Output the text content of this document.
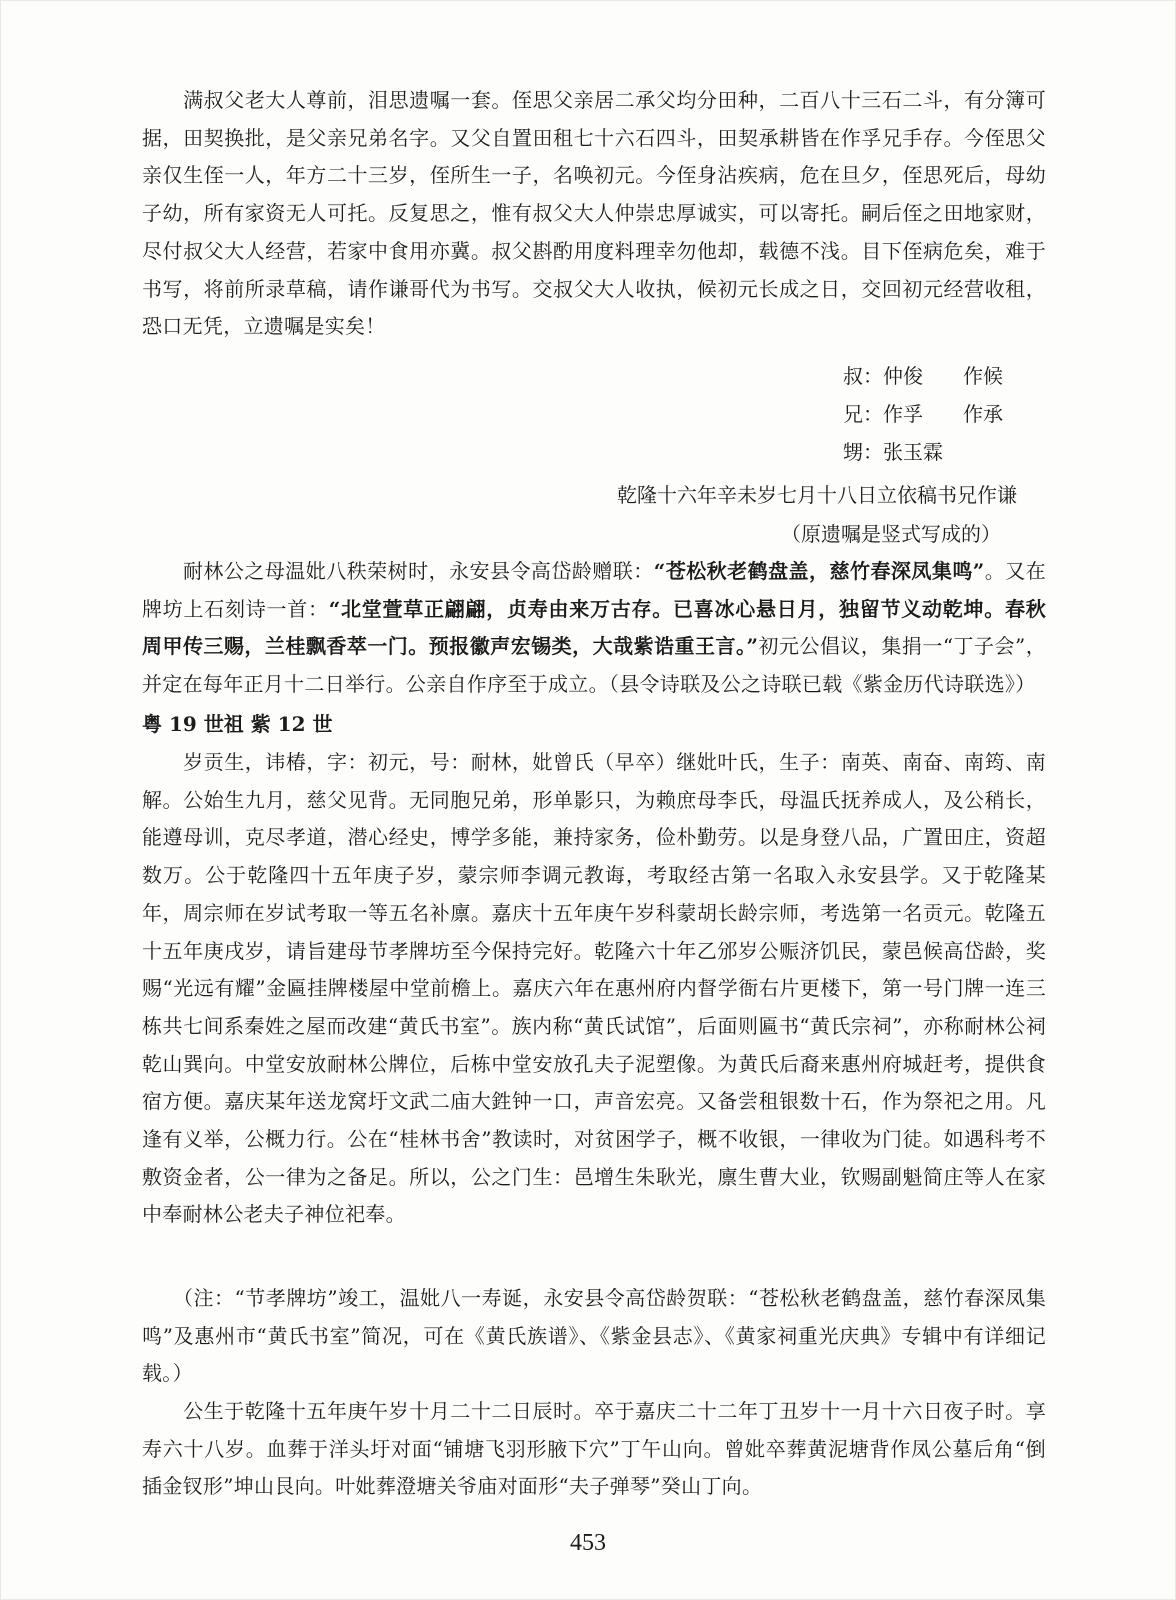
　　满叔父老大人尊前，泪思遗嘱一套。侄思父亲居二承父均分田种，二百八十三石二斗，有分簿可据，田契换批，是父亲兄弟名字。又父自置田租七十六石四斗，田契承耕皆在作孚兄手存。今侄思父亲仅生侄一人，年方二十三岁，侄所生一子，名唤初元。今侄身沾疾病，危在旦夕，侄思死后，母幼子幼，所有家资无人可托。反复思之，惟有叔父大人仲崇忠厚诚实，可以寄托。嗣后侄之田地家财，尽付叔父大人经营，若家中食用亦冀。叔父斟酌用度料理幸勿他却，载德不浅。目下侄病危矣，难于书写，将前所录草稿，请作谦哥代为书写。交叔父大人收执，候初元长成之日，交回初元经营收租，恐口无凭，立遗嘱是实矣！

叔：仲俊　　作候

兄：作孚　　作承

甥：张玉霖

乾隆十六年辛未岁七月十八日立依稿书兄作谦

（原遗嘱是竖式写成的）

　　耐林公之母温妣八秩荣树时，永安县令高岱龄赠联：“苍松秋老鹤盘盖，慈竹春深凤集鸣”。又在牌坊上石刻诗一首：“北堂萱草正翩翩，贞寿由来万古存。已喜冰心悬日月，独留节义动乾坤。春秋周甲传三赐，兰桂飘香萃一门。预报徽声宏锡类，大哉紫诰重王言。”初元公倡议，集捐一“丁子会”，并定在每年正月十二日举行。公亲自作序至于成立。（县令诗联及公之诗联已载《紫金历代诗联选》）

粤 19 世祖 紫 12 世

　　岁贡生，讳椿，字：初元，号：耐林，妣曾氏（早卒）继妣叶氏，生子：南英、南奋、南筠、南解。公始生九月，慈父见背。无同胞兄弟，形单影只，为赖庶母李氏，母温氏抚养成人，及公稍长，能遵母训，克尽孝道，潜心经史，博学多能，兼持家务，俭朴勤劳。以是身登八品，广置田庄，资超数万。公于乾隆四十五年庚子岁，蒙宗师李调元教诲，考取经古第一名取入永安县学。又于乾隆某年，周宗师在岁试考取一等五名补廪。嘉庆十五年庚午岁科蒙胡长龄宗师，考选第一名贡元。乾隆五十五年庚戌岁，请旨建母节孝牌坊至今保持完好。乾隆六十年乙邠岁公赈济饥民，蒙邑候高岱龄，奖赐“光远有耀”金匾挂牌楼屋中堂前檐上。嘉庆六年在惠州府内督学衙右片更楼下，第一号门牌一连三栋共七间系秦姓之屋而改建“黄氏书室”。族内称“黄氏试馆”，后面则匾书“黄氏宗祠”，亦称耐林公祠乾山巽向。中堂安放耐林公牌位，后栋中堂安放孔夫子泥塑像。为黄氏后裔来惠州府城赶考，提供食宿方便。嘉庆某年送龙窝圩文武二庙大鉎钟一口，声音宏亮。又备尝租银数十石，作为祭祀之用。凡逢有义举，公概力行。公在“桂林书舍”教读时，对贫困学子，概不收银，一律收为门徒。如遇科考不敷资金者，公一律为之备足。所以，公之门生：邑增生朱耿光，廪生曹大业，钦赐副魁简庄等人在家中奉耐林公老夫子神位祀奉。

　　（注：“节孝牌坊”竣工，温妣八一寿诞，永安县令高岱龄贺联：“苍松秋老鹤盘盖，慈竹春深凤集鸣”及惠州市“黄氏书室”简况，可在《黄氏族谱》、《紫金县志》、《黄家祠重光庆典》专辑中有详细记载。）

　　公生于乾隆十五年庚午岁十月二十二日辰时。卒于嘉庆二十二年丁丑岁十一月十六日夜子时。享寿六十八岁。血葬于洋头圩对面“铺塘飞羽形腋下穴”丁午山向。曾妣卒葬黄泥塘背作凤公墓后角“倒插金钗形”坤山艮向。叶妣葬澄塘关爷庙对面形“夫子弹琴”癸山丁向。

453
